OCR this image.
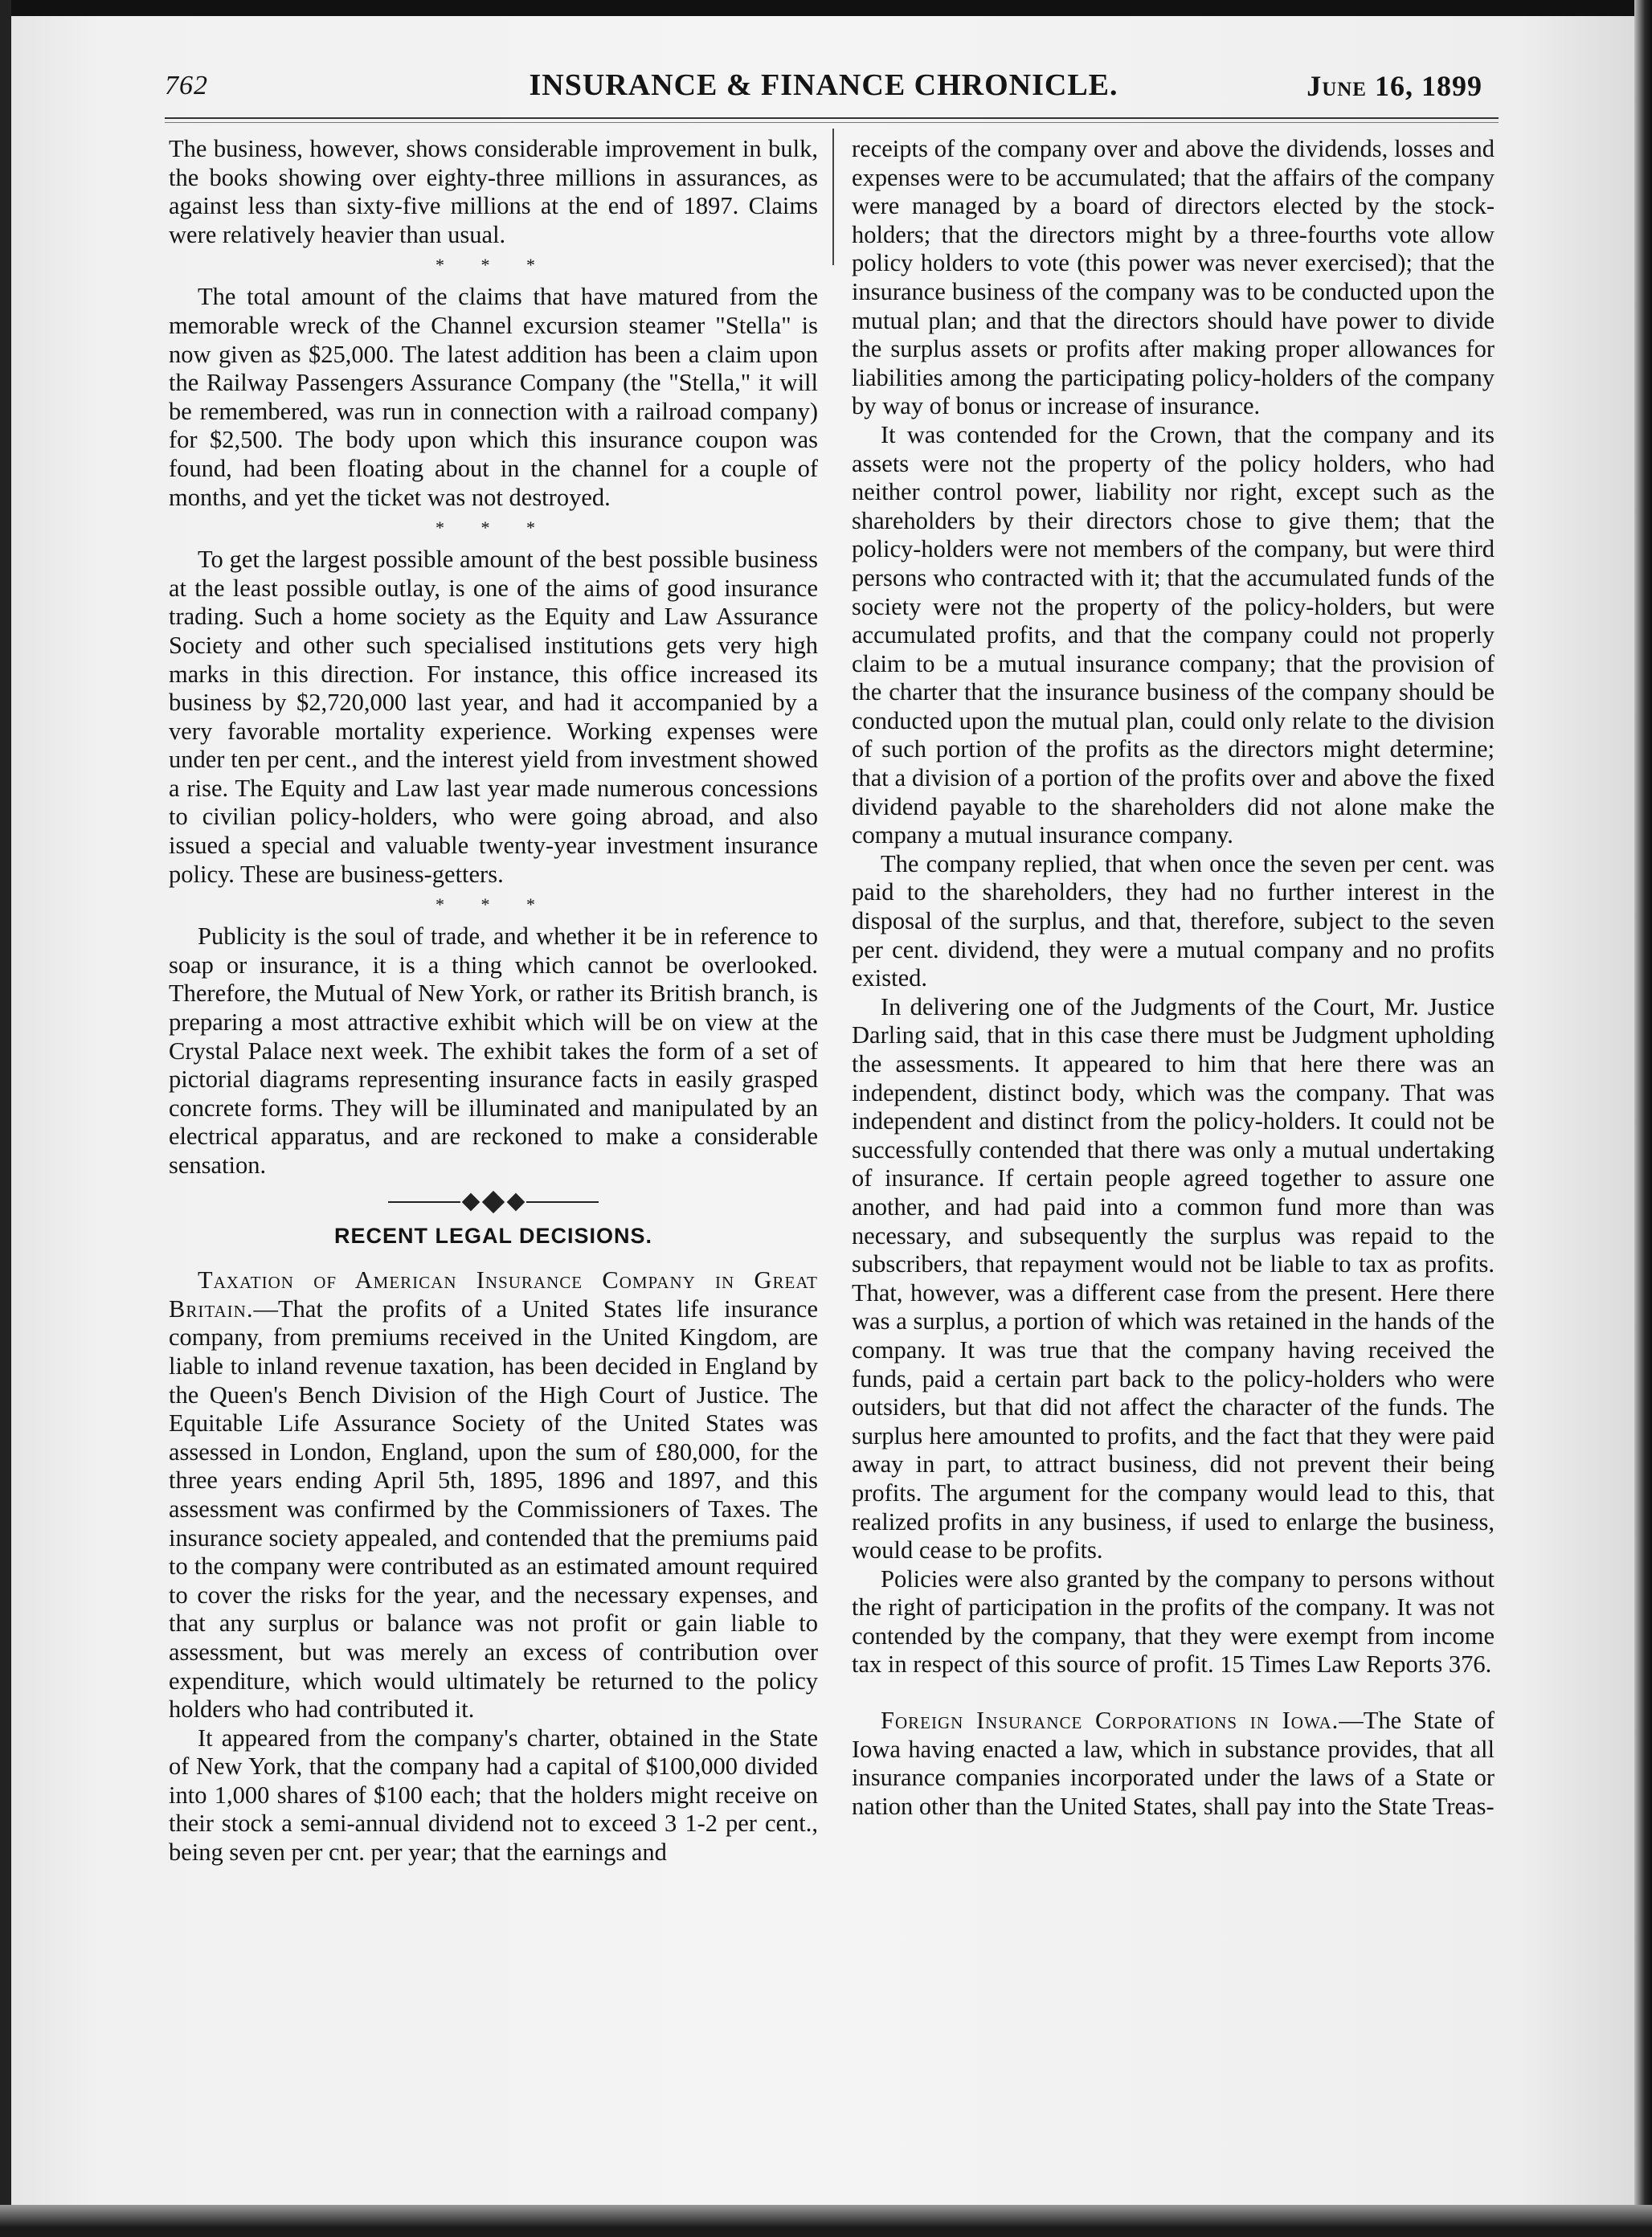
762	INSURANCE & FINANCE CHRONICLE.	June 16, 1899

The business, however, shows considerable improvement in bulk, the books showing over eighty-three millions in assurances, as against less than sixty-five millions at the end of 1897. Claims were relatively heavier than usual.

* * *

The total amount of the claims that have matured from the memorable wreck of the Channel excursion steamer "Stella" is now given as $25,000. The latest addition has been a claim upon the Railway Passengers Assurance Company (the "Stella," it will be remembered, was run in connection with a railroad company) for $2,500. The body upon which this insurance coupon was found, had been floating about in the channel for a couple of months, and yet the ticket was not destroyed.

* * *

To get the largest possible amount of the best possible business at the least possible outlay, is one of the aims of good insurance trading. Such a home society as the Equity and Law Assurance Society and other such specialised institutions gets very high marks in this direction. For instance, this office increased its business by $2,720,000 last year, and had it accompanied by a very favorable mortality experience. Working expenses were under ten per cent., and the interest yield from investment showed a rise. The Equity and Law last year made numerous concessions to civilian policy-holders, who were going abroad, and also issued a special and valuable twenty-year investment insurance policy. These are business-getters.

* * *

Publicity is the soul of trade, and whether it be in reference to soap or insurance, it is a thing which cannot be overlooked. Therefore, the Mutual of New York, or rather its British branch, is preparing a most attractive exhibit which will be on view at the Crystal Palace next week. The exhibit takes the form of a set of pictorial diagrams representing insurance facts in easily grasped concrete forms. They will be illuminated and manipulated by an electrical apparatus, and are reckoned to make a considerable sensation.

RECENT LEGAL DECISIONS.

Taxation of American Insurance Company in Great Britain.—That the profits of a United States life insurance company, from premiums received in the United Kingdom, are liable to inland revenue taxation, has been decided in England by the Queen's Bench Division of the High Court of Justice. The Equitable Life Assurance Society of the United States was assessed in London, England, upon the sum of £80,000, for the three years ending April 5th, 1895, 1896 and 1897, and this assessment was confirmed by the Commissioners of Taxes. The insurance society appealed, and contended that the premiums paid to the company were contributed as an estimated amount required to cover the risks for the year, and the necessary expenses, and that any surplus or balance was not profit or gain liable to assessment, but was merely an excess of contribution over expenditure, which would ultimately be returned to the policy holders who had contributed it.

It appeared from the company's charter, obtained in the State of New York, that the company had a capital of $100,000 divided into 1,000 shares of $100 each; that the holders might receive on their stock a semi-annual dividend not to exceed 3 1-2 per cent., being seven per cnt. per year; that the earnings and

receipts of the company over and above the dividends, losses and expenses were to be accumulated; that the affairs of the company were managed by a board of directors elected by the stock-holders; that the directors might by a three-fourths vote allow policy holders to vote (this power was never exercised); that the insurance business of the company was to be conducted upon the mutual plan; and that the directors should have power to divide the surplus assets or profits after making proper allowances for liabilities among the participating policy-holders of the company by way of bonus or increase of insurance.

It was contended for the Crown, that the company and its assets were not the property of the policy holders, who had neither control power, liability nor right, except such as the shareholders by their directors chose to give them; that the policy-holders were not members of the company, but were third persons who contracted with it; that the accumulated funds of the society were not the property of the policy-holders, but were accumulated profits, and that the company could not properly claim to be a mutual insurance company; that the provision of the charter that the insurance business of the company should be conducted upon the mutual plan, could only relate to the division of such portion of the profits as the directors might determine; that a division of a portion of the profits over and above the fixed dividend payable to the shareholders did not alone make the company a mutual insurance company.

The company replied, that when once the seven per cent. was paid to the shareholders, they had no further interest in the disposal of the surplus, and that, therefore, subject to the seven per cent. dividend, they were a mutual company and no profits existed.

In delivering one of the Judgments of the Court, Mr. Justice Darling said, that in this case there must be Judgment upholding the assessments. It appeared to him that here there was an independent, distinct body, which was the company. That was independent and distinct from the policy-holders. It could not be successfully contended that there was only a mutual undertaking of insurance. If certain people agreed together to assure one another, and had paid into a common fund more than was necessary, and subsequently the surplus was repaid to the subscribers, that repayment would not be liable to tax as profits. That, however, was a different case from the present. Here there was a surplus, a portion of which was retained in the hands of the company. It was true that the company having received the funds, paid a certain part back to the policy-holders who were outsiders, but that did not affect the character of the funds. The surplus here amounted to profits, and the fact that they were paid away in part, to attract business, did not prevent their being profits. The argument for the company would lead to this, that realized profits in any business, if used to enlarge the business, would cease to be profits.

Policies were also granted by the company to persons without the right of participation in the profits of the company. It was not contended by the company, that they were exempt from income tax in respect of this source of profit. 15 Times Law Reports 376.

Foreign Insurance Corporations in Iowa.—The State of Iowa having enacted a law, which in substance provides, that all insurance companies incorporated under the laws of a State or nation other than the United States, shall pay into the State Treas-
